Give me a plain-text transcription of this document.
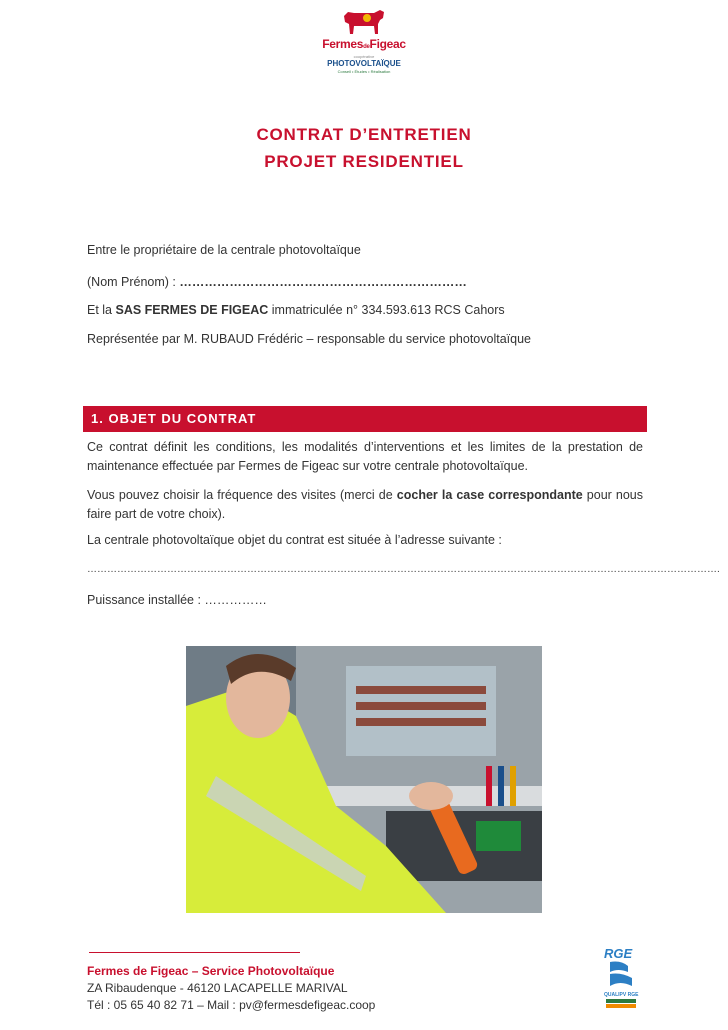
FermesdeFigeac
coopérative
PHOTOVOLTAÏQUE
Conseil • Études • Réalisation
CONTRAT D’ENTRETIEN
PROJET RESIDENTIEL
Entre le propriétaire de la centrale photovoltaïque
(Nom Prénom) : ……………………………………………………………
Et la SAS FERMES DE FIGEAC immatriculée n° 334.593.613 RCS Cahors
Représentée par M. RUBAUD Frédéric – responsable du service photovoltaïque
1. OBJET DU CONTRAT
Ce contrat définit les conditions, les modalités d’interventions et les limites de la prestation de maintenance effectuée par Fermes de Figeac sur votre centrale photovoltaïque.
Vous pouvez choisir la fréquence des visites (merci de cocher la case correspondante pour nous faire part de votre choix).
La centrale photovoltaïque objet du contrat est située à l’adresse suivante :
……………………………………………………………………………………………………………………………………………………………………….
Puissance installée : ……………
Fermes de Figeac – Service Photovoltaïque
ZA Ribaudenque - 46120 LACAPELLE MARIVAL
Tél : 05 65 40 82 71 – Mail : pv@fermesdefigeac.coop
RGE
QUALIPV RGE
